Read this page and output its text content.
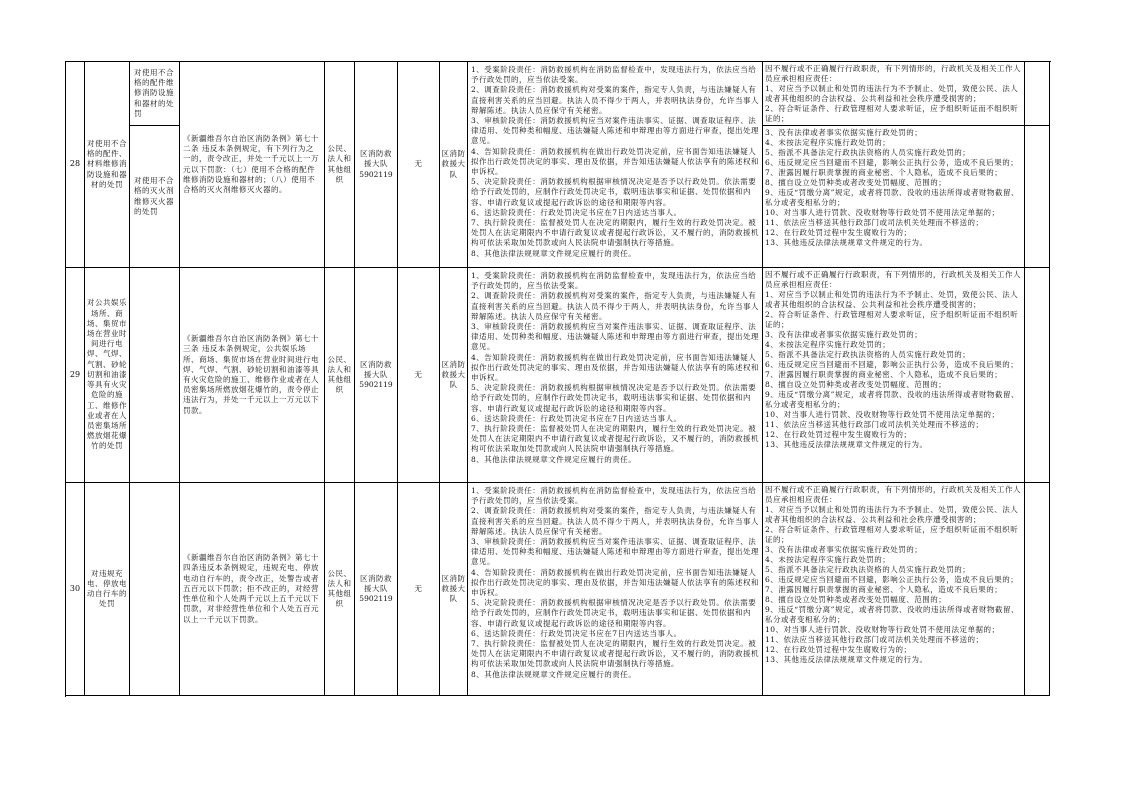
28
对使用不合格的配件、材料维修消防设施和器材的处罚
对使用不合格的配件维修消防设施和器材的处罚
对使用不合格的灭火剂维修灭火器的处罚
《新疆维吾尔自治区消防条例》第七十二条 违反本条例规定，有下列行为之一的，责令改正，并处一千元以上一万元以下罚款：（七）使用不合格的配件维修消防设施和器材的；（八）使用不合格的灭火剂维修灭火器的。
公民、法人和其他组织
区消防救援大队
5902119
无
区消防救援大队
1、受案阶段责任：消防救援机构在消防监督检查中，发现违法行为，依法应当给予行政处罚的，应当依法受案。
2、调查阶段责任：消防救援机构对受案的案件，指定专人负责，与违法嫌疑人有直接利害关系的应当回避。执法人员不得少于两人，并表明执法身份，允许当事人辩解陈述。执法人员应保守有关秘密。
3、审核阶段责任：消防救援机构应当对案件违法事实、证据、调查取证程序、法律适用、处罚种类和幅度、违法嫌疑人陈述和申辩理由等方面进行审查，提出处理意见。
4、告知阶段责任：消防救援机构在做出行政处罚决定前，应书面告知违法嫌疑人拟作出行政处罚决定的事实、理由及依据，并告知违法嫌疑人依法享有的陈述权和申诉权。
5、决定阶段责任：消防救援机构根据审核情况决定是否予以行政处罚。依法需要给予行政处罚的，应制作行政处罚决定书，载明违法事实和证据、处罚依据和内容、申请行政复议或提起行政诉讼的途径和期限等内容。
6、送达阶段责任：行政处罚决定书应在7日内送达当事人。
7、执行阶段责任：监督被处罚人在决定的期限内，履行生效的行政处罚决定。被处罚人在法定期限内不申请行政复议或者提起行政诉讼，又不履行的，消防救援机构可依法采取加处罚款或向人民法院申请强制执行等措施。
8、其他法律法规规章文件规定应履行的责任。
因不履行或不正确履行行政职责，有下列情形的，行政机关及相关工作人员应承担相应责任：
1、对应当予以制止和处罚的违法行为不予制止、处罚，致使公民、法人或者其他组织的合法权益、公共利益和社会秩序遭受损害的；
2、符合听证条件、行政管理相对人要求听证，应予组织听证而不组织听证的；
3、没有法律或者事实依据实施行政处罚的；
4、未按法定程序实施行政处罚的；
5、指派不具备法定行政执法资格的人员实施行政处罚的；
6、违反规定应当回避而不回避，影响公正执行公务，造成不良后果的；
7、泄露因履行职责掌握的商业秘密、个人隐私，造成不良后果的；
8、擅自设立处罚种类或者改变处罚幅度、范围的；
9、违反“罚缴分离”规定，或者将罚款、没收的违法所得或者财物截留、私分或者变相私分的；
10、对当事人进行罚款、没收财物等行政处罚不使用法定单据的；
11、依法应当移送其他行政部门或司法机关处理而不移送的；
12、在行政处罚过程中发生腐败行为的；
13、其他违反法律法规规章文件规定的行为。
29
对公共娱乐场所、商场、集贸市场在营业时间进行电焊、气焊、气割、砂轮切割和油漆等具有火灾危险的施工、维修作业或者在人员密集场所燃放烟花爆竹的处罚
《新疆维吾尔自治区消防条例》第七十三条 违反本条例规定，公共娱乐场所、商场、集贸市场在营业时间进行电焊、气焊、气割、砂轮切割和油漆等具有火灾危险的施工、维修作业或者在人员密集场所燃放烟花爆竹的，责令停止违法行为，并处一千元以上一万元以下罚款。
公民、法人和其他组织
区消防救援大队
5902119
无
区消防救援大队
1、受案阶段责任：消防救援机构在消防监督检查中，发现违法行为，依法应当给予行政处罚的，应当依法受案。
2、调查阶段责任：消防救援机构对受案的案件，指定专人负责，与违法嫌疑人有直接利害关系的应当回避。执法人员不得少于两人，并表明执法身份，允许当事人辩解陈述。执法人员应保守有关秘密。
3、审核阶段责任：消防救援机构应当对案件违法事实、证据、调查取证程序、法律适用、处罚种类和幅度、违法嫌疑人陈述和申辩理由等方面进行审查，提出处理意见。
4、告知阶段责任：消防救援机构在做出行政处罚决定前，应书面告知违法嫌疑人拟作出行政处罚决定的事实、理由及依据，并告知违法嫌疑人依法享有的陈述权和申诉权。
5、决定阶段责任：消防救援机构根据审核情况决定是否予以行政处罚。依法需要给予行政处罚的，应制作行政处罚决定书，载明违法事实和证据、处罚依据和内容、申请行政复议或提起行政诉讼的途径和期限等内容。
6、送达阶段责任：行政处罚决定书应在7日内送达当事人。
7、执行阶段责任：监督被处罚人在决定的期限内，履行生效的行政处罚决定。被处罚人在法定期限内不申请行政复议或者提起行政诉讼，又不履行的，消防救援机构可依法采取加处罚款或向人民法院申请强制执行等措施。
8、其他法律法规规章文件规定应履行的责任。
因不履行或不正确履行行政职责，有下列情形的，行政机关及相关工作人员应承担相应责任：
1、对应当予以制止和处罚的违法行为不予制止、处罚，致使公民、法人或者其他组织的合法权益、公共利益和社会秩序遭受损害的；
2、符合听证条件、行政管理相对人要求听证，应予组织听证而不组织听证的；
3、没有法律或者事实依据实施行政处罚的；
4、未按法定程序实施行政处罚的；
5、指派不具备法定行政执法资格的人员实施行政处罚的；
6、违反规定应当回避而不回避，影响公正执行公务，造成不良后果的；
7、泄露因履行职责掌握的商业秘密、个人隐私，造成不良后果的；
8、擅自设立处罚种类或者改变处罚幅度、范围的；
9、违反“罚缴分离”规定，或者将罚款、没收的违法所得或者财物截留、私分或者变相私分的；
10、对当事人进行罚款、没收财物等行政处罚不使用法定单据的；
11、依法应当移送其他行政部门或司法机关处理而不移送的；
12、在行政处罚过程中发生腐败行为的；
13、其他违反法律法规规章文件规定的行为。
30
对违规充电、停放电动自行车的处罚
《新疆维吾尔自治区消防条例》第七十四条违反本条例规定，违规充电、停放电动自行车的，责令改正，处警告或者五百元以下罚款；拒不改正的，对经营性单位和个人处两千元以上五千元以下罚款，对非经营性单位和个人处五百元以上一千元以下罚款。
公民、法人和其他组织
区消防救援大队
5902119
无
区消防救援大队
1、受案阶段责任：消防救援机构在消防监督检查中，发现违法行为，依法应当给予行政处罚的，应当依法受案。
2、调查阶段责任：消防救援机构对受案的案件，指定专人负责，与违法嫌疑人有直接利害关系的应当回避。执法人员不得少于两人，并表明执法身份，允许当事人辩解陈述。执法人员应保守有关秘密。
3、审核阶段责任：消防救援机构应当对案件违法事实、证据、调查取证程序、法律适用、处罚种类和幅度、违法嫌疑人陈述和申辩理由等方面进行审查，提出处理意见。
4、告知阶段责任：消防救援机构在做出行政处罚决定前，应书面告知违法嫌疑人拟作出行政处罚决定的事实、理由及依据，并告知违法嫌疑人依法享有的陈述权和申诉权。
5、决定阶段责任：消防救援机构根据审核情况决定是否予以行政处罚。依法需要给予行政处罚的，应制作行政处罚决定书，载明违法事实和证据、处罚依据和内容、申请行政复议或提起行政诉讼的途径和期限等内容。
6、送达阶段责任：行政处罚决定书应在7日内送达当事人。
7、执行阶段责任：监督被处罚人在决定的期限内，履行生效的行政处罚决定。被处罚人在法定期限内不申请行政复议或者提起行政诉讼，又不履行的，消防救援机构可依法采取加处罚款或向人民法院申请强制执行等措施。
8、其他法律法规规章文件规定应履行的责任。
因不履行或不正确履行行政职责，有下列情形的，行政机关及相关工作人员应承担相应责任：
1、对应当予以制止和处罚的违法行为不予制止、处罚，致使公民、法人或者其他组织的合法权益、公共利益和社会秩序遭受损害的；
2、符合听证条件、行政管理相对人要求听证，应予组织听证而不组织听证的；
3、没有法律或者事实依据实施行政处罚的；
4、未按法定程序实施行政处罚的；
5、指派不具备法定行政执法资格的人员实施行政处罚的；
6、违反规定应当回避而不回避，影响公正执行公务，造成不良后果的；
7、泄露因履行职责掌握的商业秘密、个人隐私，造成不良后果的；
8、擅自设立处罚种类或者改变处罚幅度、范围的；
9、违反“罚缴分离”规定，或者将罚款、没收的违法所得或者财物截留、私分或者变相私分的；
10、对当事人进行罚款、没收财物等行政处罚不使用法定单据的；
11、依法应当移送其他行政部门或司法机关处理而不移送的；
12、在行政处罚过程中发生腐败行为的；
13、其他违反法律法规规章文件规定的行为。
